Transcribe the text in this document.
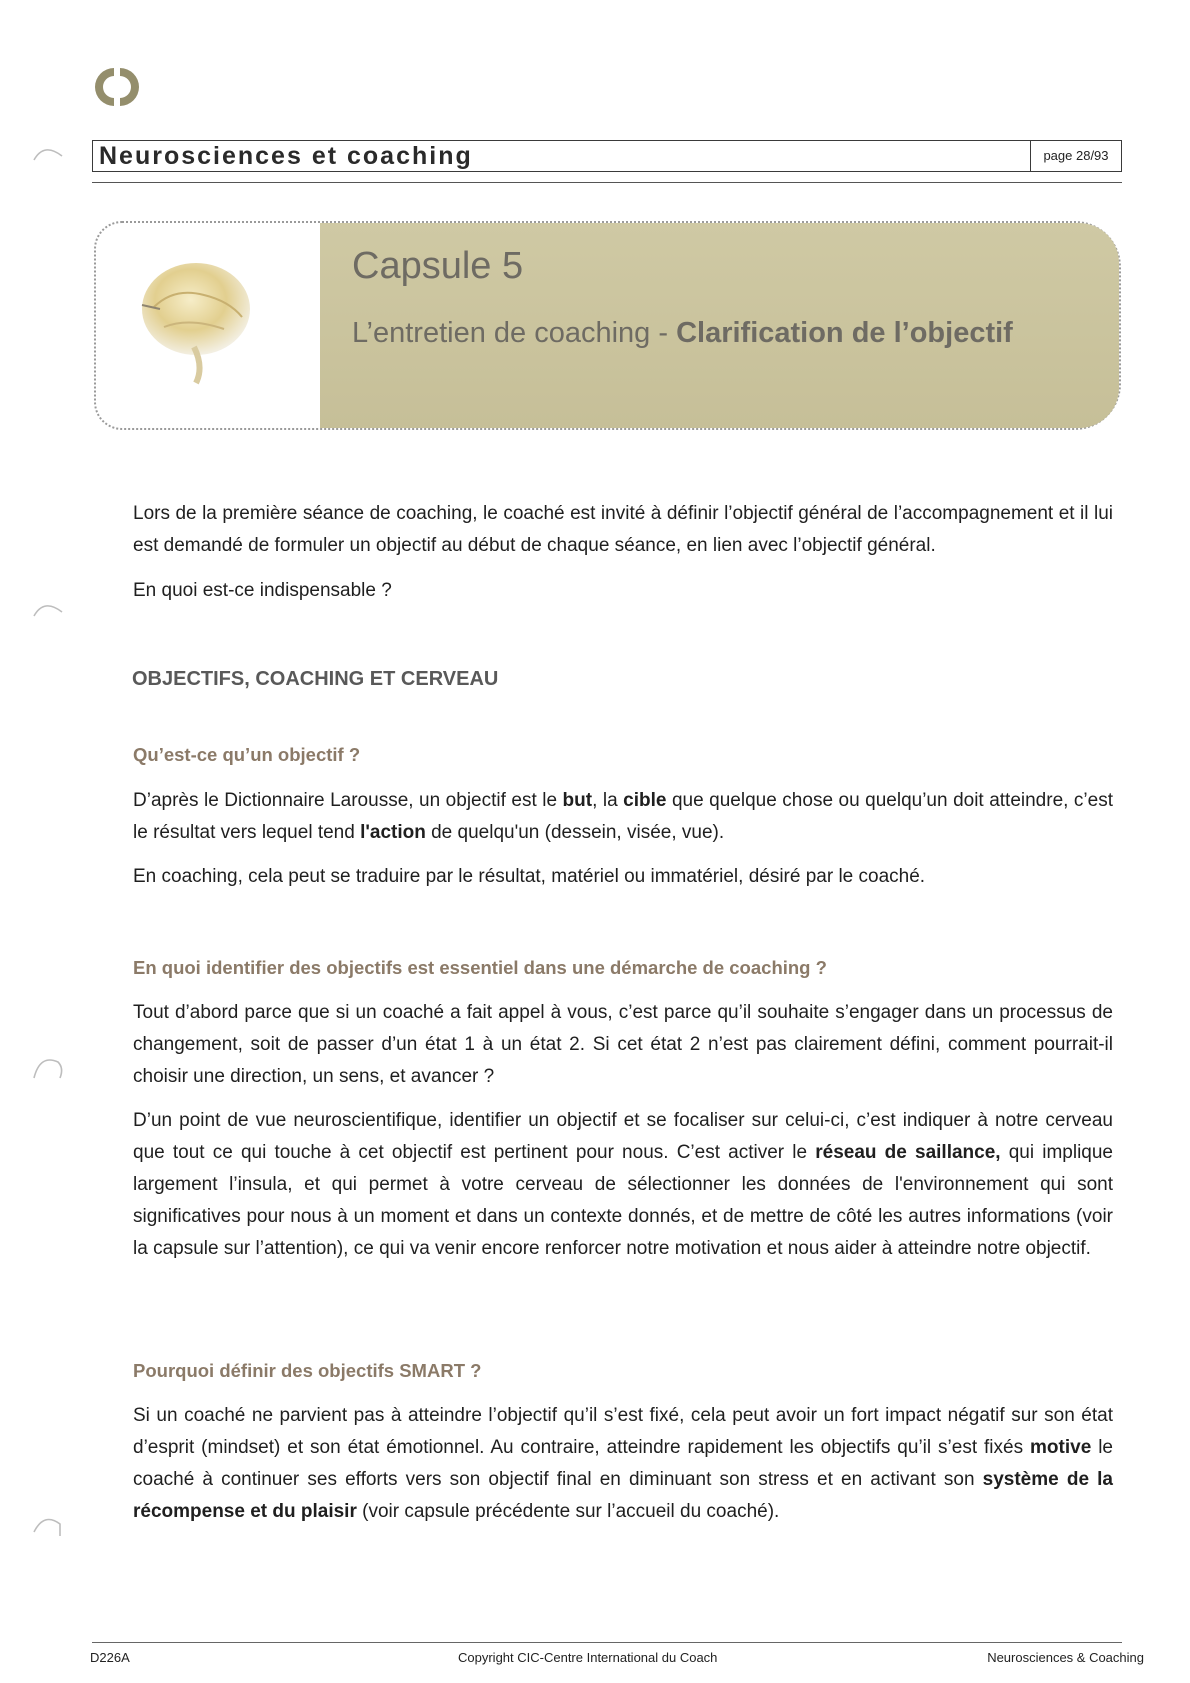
Neurosciences et coaching	page 28/93
Capsule 5
L’entretien de coaching - Clarification de l’objectif

Lors de la première séance de coaching, le coaché est invité à définir l’objectif général de l’accompagnement et il lui est demandé de formuler un objectif au début de chaque séance, en lien avec l’objectif général.

En quoi est-ce indispensable ?

OBJECTIFS, COACHING ET CERVEAU
Qu’est-ce qu’un objectif ?

D’après le Dictionnaire Larousse, un objectif est le but, la cible que quelque chose ou quelqu’un doit atteindre, c’est le résultat vers lequel tend l'action de quelqu'un (dessein, visée, vue).

En coaching, cela peut se traduire par le résultat, matériel ou immatériel, désiré par le coaché.

En quoi identifier des objectifs est essentiel dans une démarche de coaching ?

Tout d’abord parce que si un coaché a fait appel à vous, c’est parce qu’il souhaite s’engager dans un processus de changement, soit de passer d’un état 1 à un état 2. Si cet état 2 n’est pas clairement défini, comment pourrait-il choisir une direction, un sens, et avancer ?

D’un point de vue neuroscientifique, identifier un objectif et se focaliser sur celui-ci, c’est indiquer à notre cerveau que tout ce qui touche à cet objectif est pertinent pour nous. C’est activer le réseau de saillance, qui implique largement l’insula, et qui permet à votre cerveau de sélectionner les données de l'environnement qui sont significatives pour nous à un moment et dans un contexte donnés, et de mettre de côté les autres informations (voir la capsule sur l’attention), ce qui va venir encore renforcer notre motivation et nous aider à atteindre notre objectif.

Pourquoi définir des objectifs SMART ?

Si un coaché ne parvient pas à atteindre l’objectif qu’il s’est fixé, cela peut avoir un fort impact négatif sur son état d’esprit (mindset) et son état émotionnel. Au contraire, atteindre rapidement les objectifs qu’il s’est fixés motive le coaché à continuer ses efforts vers son objectif final en diminuant son stress et en activant son système de la récompense et du plaisir (voir capsule précédente sur l’accueil du coaché).

D226A	Copyright CIC-Centre International du Coach	Neurosciences & Coaching
